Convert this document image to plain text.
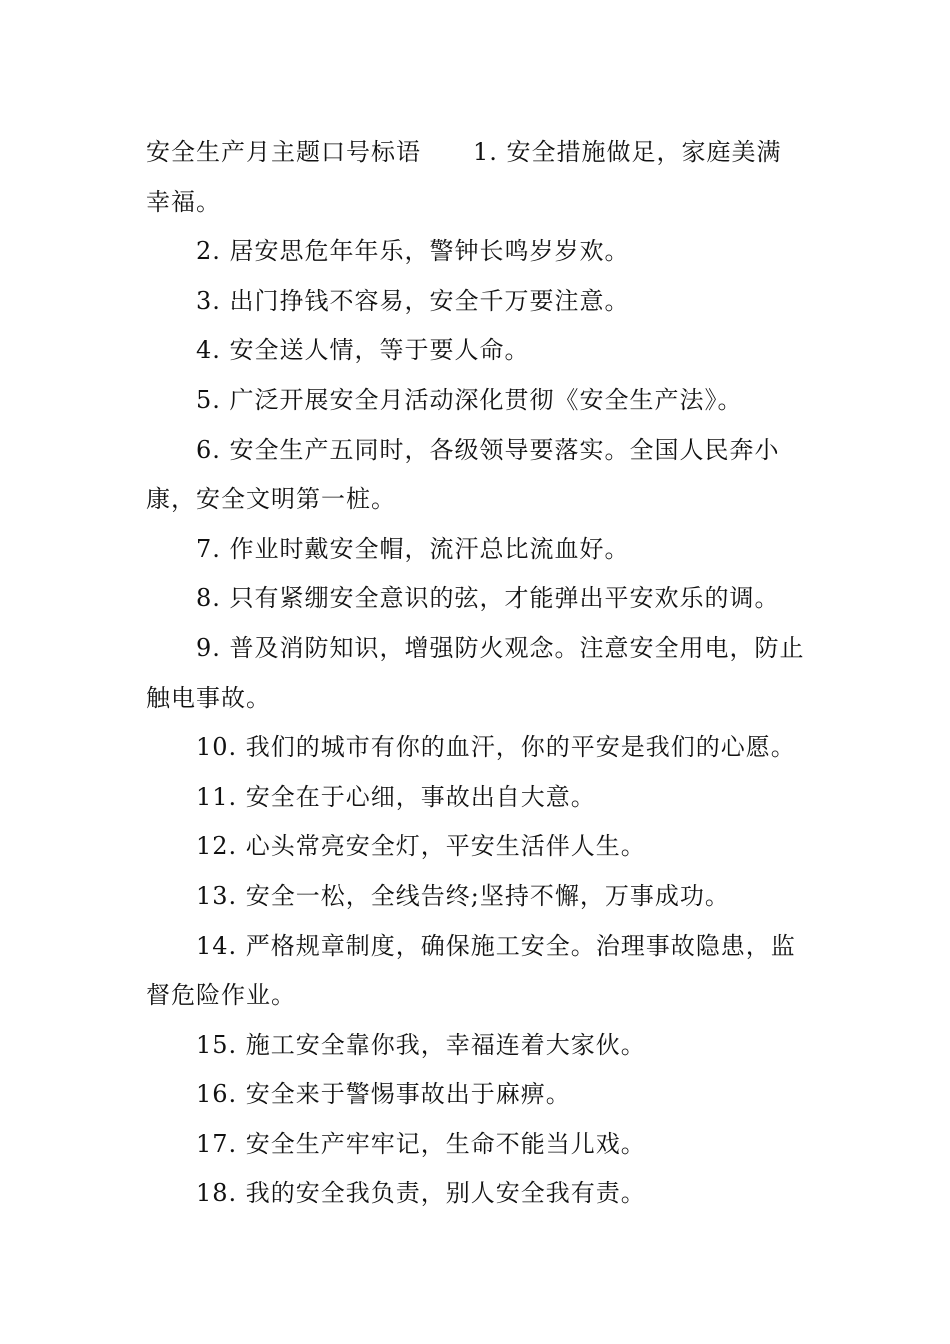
安全生产月主题口号标语 1. 安全措施做足，家庭美满幸福。

2. 居安思危年年乐，警钟长鸣岁岁欢。

3. 出门挣钱不容易，安全千万要注意。

4. 安全送人情，等于要人命。

5. 广泛开展安全月活动深化贯彻《安全生产法》。

6. 安全生产五同时，各级领导要落实。全国人民奔小康，安全文明第一桩。

7. 作业时戴安全帽，流汗总比流血好。

8. 只有紧绷安全意识的弦，才能弹出平安欢乐的调。

9. 普及消防知识，增强防火观念。注意安全用电，防止触电事故。

10. 我们的城市有你的血汗，你的平安是我们的心愿。

11. 安全在于心细，事故出自大意。

12. 心头常亮安全灯，平安生活伴人生。

13. 安全一松，全线告终;坚持不懈，万事成功。

14. 严格规章制度，确保施工安全。治理事故隐患，监督危险作业。

15. 施工安全靠你我，幸福连着大家伙。

16. 安全来于警惕事故出于麻痹。

17. 安全生产牢牢记，生命不能当儿戏。

18. 我的安全我负责，别人安全我有责。
